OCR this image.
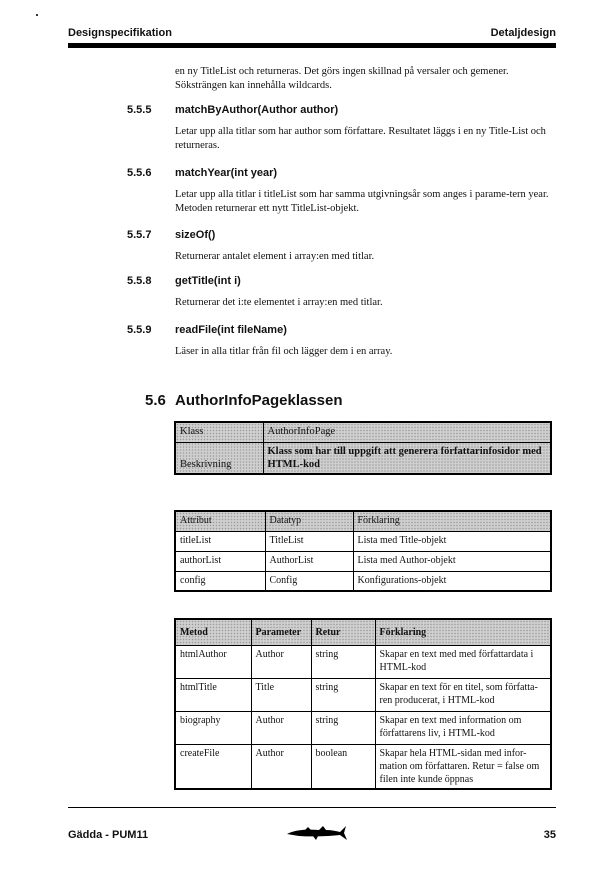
Designspecifikation	Detaljdesign

en ny TitleList och returneras. Det görs ingen skillnad på versaler och gemener. Söksträngen kan innehålla wildcards.

5.5.5 matchByAuthor(Author author)

Letar upp alla titlar som har author som författare. Resultatet läggs i en ny Title-List och returneras.

5.5.6 matchYear(int year)

Letar upp alla titlar i titleList som har samma utgivningsår som anges i parame-tern year. Metoden returnerar ett nytt TitleList-objekt.

5.5.7 sizeOf()

Returnerar antalet element i array:en med titlar.

5.5.8 getTitle(int i)

Returnerar det i:te elementet i array:en med titlar.

5.5.9 readFile(int fileName)

Läser in alla titlar från fil och lägger dem i en array.

5.6 AuthorInfoPageklassen
Klass	AuthorInfoPage
Beskrivning	Klass som har till uppgift att generera författarinfosidor med HTML-kod
Attribut	Datatyp	Förklaring
titleList	TitleList	Lista med Title-objekt
authorList	AuthorList	Lista med Author-objekt
config	Config	Konfigurations-objekt
Metod	Parameter	Retur	Förklaring
htmlAuthor	Author	string	Skapar en text med med författardata i HTML-kod
htmlTitle	Title	string	Skapar en text för en titel, som författa-ren producerat, i HTML-kod
biography	Author	string	Skapar en text med information om författarens liv, i HTML-kod
createFile	Author	boolean	Skapar hela HTML-sidan med infor-mation om författaren. Retur = false om filen inte kunde öppnas
Gädda - PUM11	35
